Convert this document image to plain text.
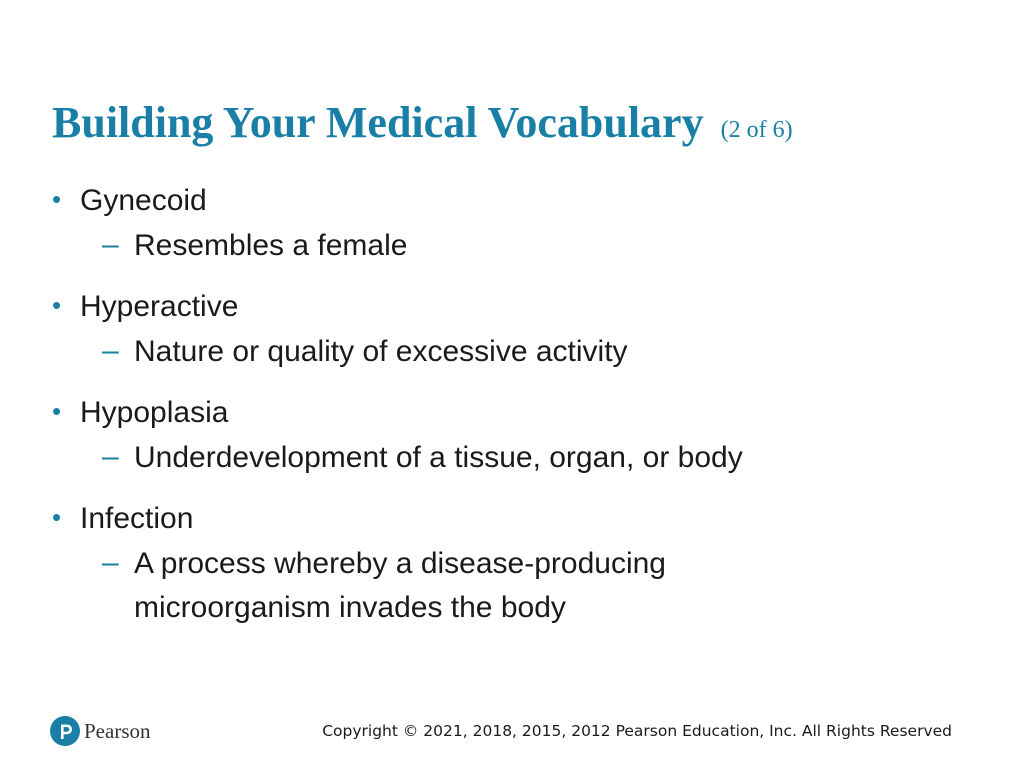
Building Your Medical Vocabulary (2 of 6)
• Gynecoid
– Resembles a female
• Hyperactive
– Nature or quality of excessive activity
• Hypoplasia
– Underdevelopment of a tissue, organ, or body
• Infection
– A process whereby a disease-producing microorganism invades the body
Pearson	Copyright © 2021, 2018, 2015, 2012 Pearson Education, Inc. All Rights Reserved
